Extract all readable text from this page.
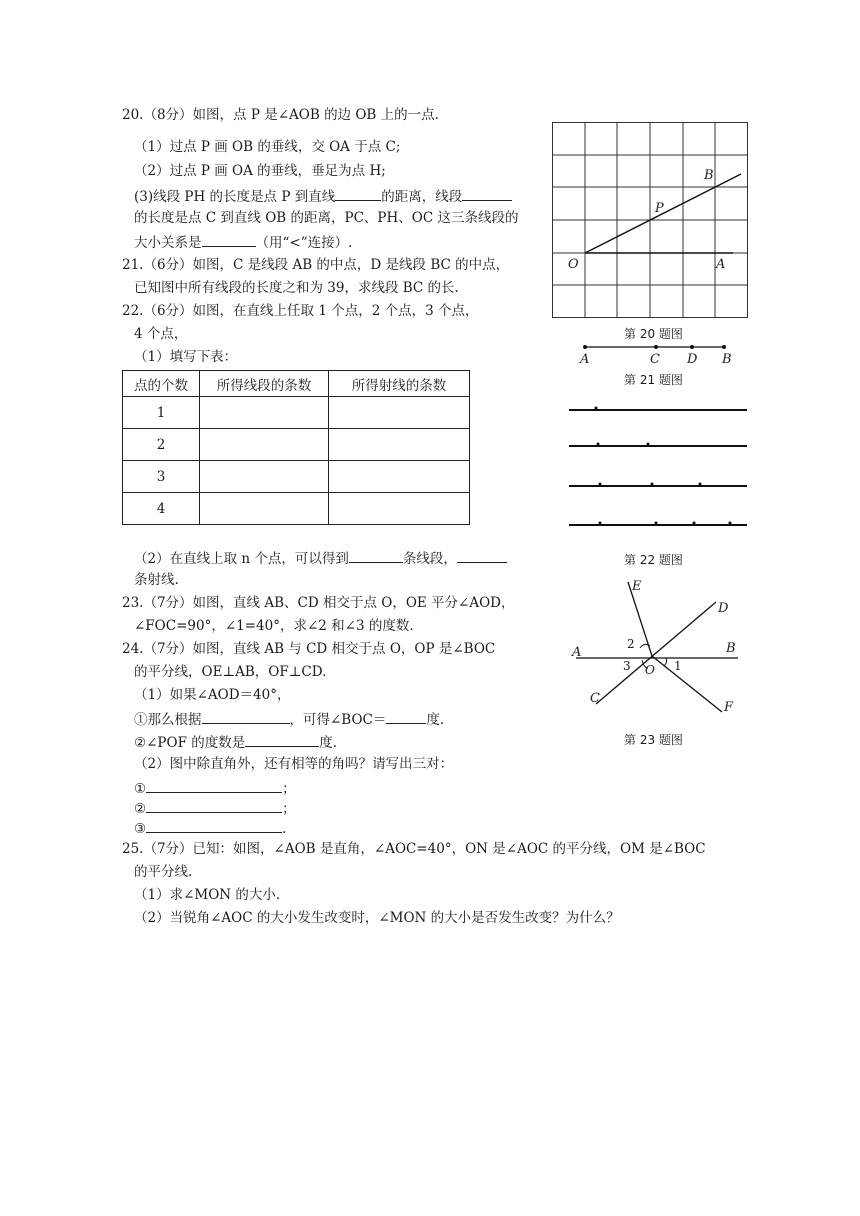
20.（8分）如图，点 P 是∠AOB 的边 OB 上的一点.
（1）过点 P 画 OB 的垂线，交 OA 于点 C;
（2）过点 P 画 OA 的垂线，垂足为点 H;
(3)线段 PH 的长度是点 P 到直线	的距离，线段
的长度是点 C 到直线 OB 的距离，PC、PH、OC 这三条线段的
大小关系是	（用“<”连接）.
21.（6分）如图，C 是线段 AB 的中点，D 是线段 BC 的中点，
已知图中所有线段的长度之和为 39，求线段 BC 的长.
22.（6分）如图，在直线上任取 1 个点，2 个点，3 个点，
4 个点，
（1）填写下表：
点的个数	所得线段的条数	所得射线的条数
1		
2		
3		
4		
（2）在直线上取 n 个点，可以得到	条线段，
条射线.
23.（7分）如图，直线 AB、CD 相交于点 O，OE 平分∠AOD，
∠FOC=90°，∠1=40°，求∠2 和∠3 的度数.
24.（7分）如图，直线 AB 与 CD 相交于点 O，OP 是∠BOC
的平分线，OE⊥AB，OF⊥CD.
（1）如果∠AOD＝40°，
①那么根据	，可得∠BOC＝	度.
②∠POF 的度数是	度.
（2）图中除直角外，还有相等的角吗？请写出三对：
①	；
②	；
③	.
25.（7分）已知：如图，∠AOB 是直角，∠AOC=40°，ON 是∠AOC 的平分线，OM 是∠BOC
的平分线.
（1）求∠MON 的大小.
（2）当锐角∠AOC 的大小发生改变时，∠MON 的大小是否发生改变？为什么？
O	A
B
P
第 20 题图
A	C D B
第 21 题图
第 22 题图
E
D
A	B
C
F
O 1
2
3
第 23 题图
